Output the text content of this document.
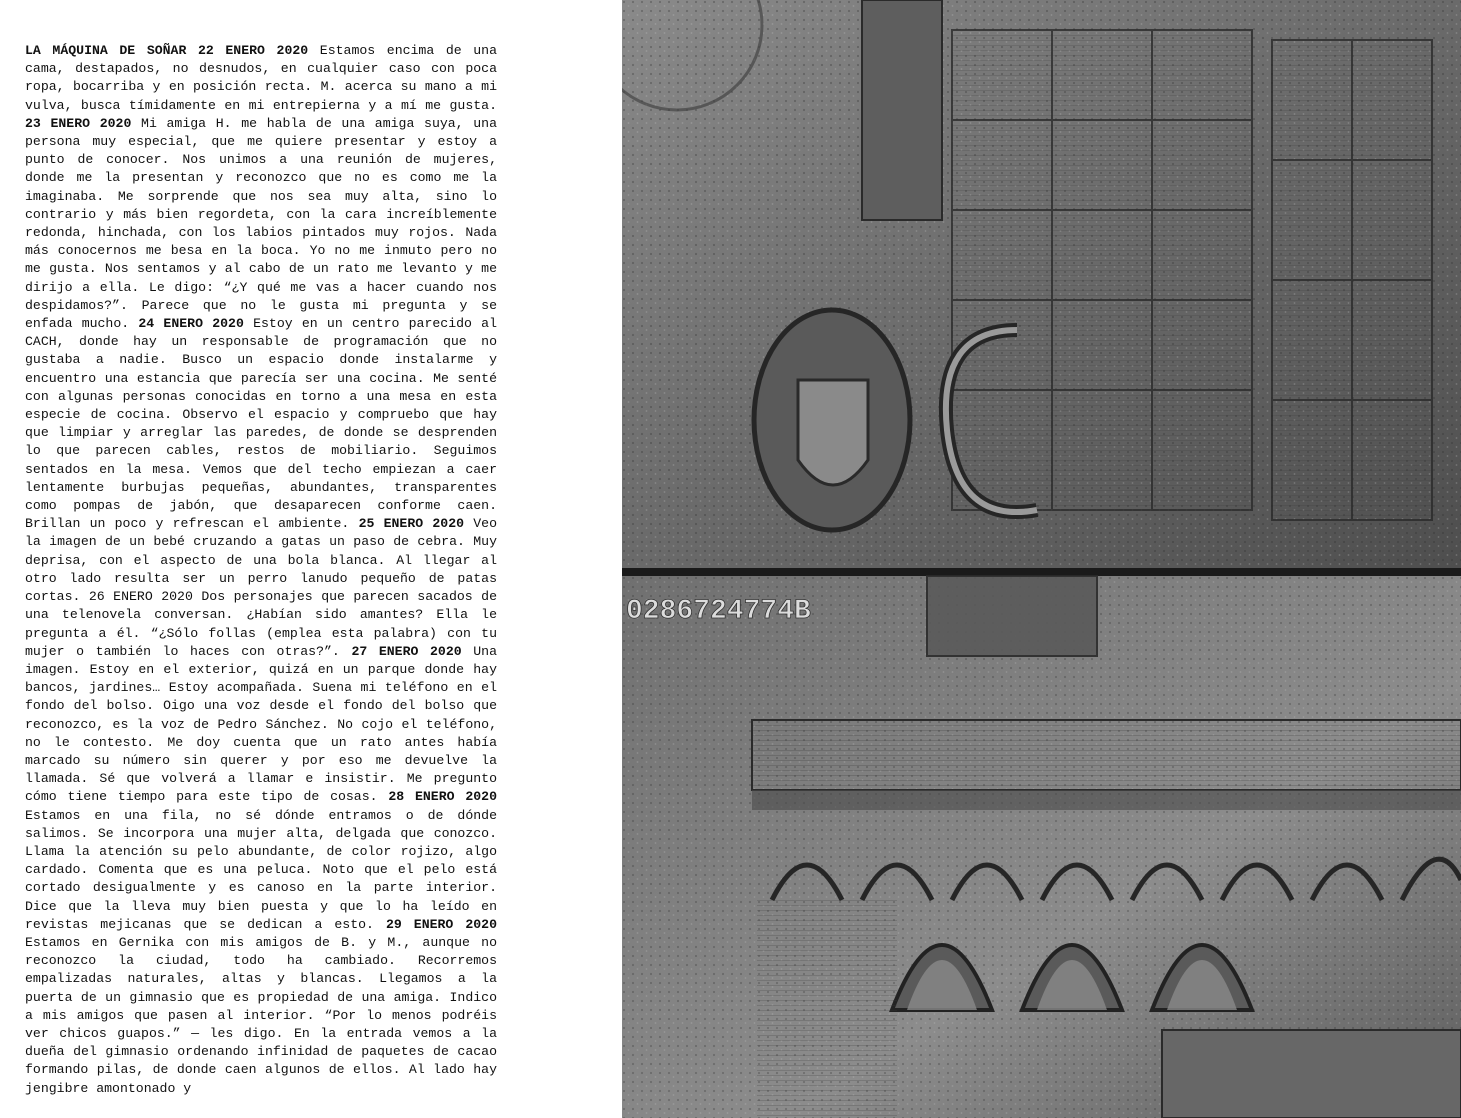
LA MÁQUINA DE SOÑAR 22 ENERO 2020 Estamos encima de una cama, destapados, no desnudos, en cualquier caso con poca ropa, bocarriba y en posición recta. M. acerca su mano a mi vulva, busca tímidamente en mi entrepierna y a mí me gusta. 23 ENERO 2020 Mi amiga H. me habla de una amiga suya, una persona muy especial, que me quiere presentar y estoy a punto de conocer. Nos unimos a una reunión de mujeres, donde me la presentan y reconozco que no es como me la imaginaba. Me sorprende que nos sea muy alta, sino lo contrario y más bien regordeta, con la cara increíblemente redonda, hinchada, con los labios pintados muy rojos. Nada más conocernos me besa en la boca. Yo no me inmuto pero no me gusta. Nos sentamos y al cabo de un rato me levanto y me dirijo a ella. Le digo: “¿Y qué me vas a hacer cuando nos despidamos?”. Parece que no le gusta mi pregunta y se enfada mucho. 24 ENERO 2020 Estoy en un centro parecido al CACH, donde hay un responsable de programación que no gustaba a nadie. Busco un espacio donde instalarme y encuentro una estancia que parecía ser una cocina. Me senté con algunas personas conocidas en torno a una mesa en esta especie de cocina. Observo el espacio y compruebo que hay que limpiar y arreglar las paredes, de donde se desprenden lo que parecen cables, restos de mobiliario. Seguimos sentados en la mesa. Vemos que del techo empiezan a caer lentamente burbujas pequeñas, abundantes, transparentes como pompas de jabón, que desaparecen conforme caen. Brillan un poco y refrescan el ambiente. 25 ENERO 2020 Veo la imagen de un bebé cruzando a gatas un paso de cebra. Muy deprisa, con el aspecto de una bola blanca. Al llegar al otro lado resulta ser un perro lanudo pequeño de patas cortas. 26 ENERO 2020 Dos personajes que parecen sacados de una telenovela conversan. ¿Habían sido amantes? Ella le pregunta a él. “¿Sólo follas (emplea esta palabra) con tu mujer o también lo haces con otras?”. 27 ENERO 2020 Una imagen. Estoy en el exterior, quizá en un parque donde hay bancos, jardines… Estoy acompañada. Suena mi teléfono en el fondo del bolso. Oigo una voz desde el fondo del bolso que reconozco, es la voz de Pedro Sánchez. No cojo el teléfono, no le contesto. Me doy cuenta que un rato antes había marcado su número sin querer y por eso me devuelve la llamada. Sé que volverá a llamar e insistir. Me pregunto cómo tiene tiempo para este tipo de cosas. 28 ENERO 2020 Estamos en una fila, no sé dónde entramos o de dónde salimos. Se incorpora una mujer alta, delgada que conozco. Llama la atención su pelo abundante, de color rojizo, algo cardado. Comenta que es una peluca. Noto que el pelo está cortado desigualmente y es canoso en la parte interior. Dice que la lleva muy bien puesta y que lo ha leído en revistas mejicanas que se dedican a esto. 29 ENERO 2020 Estamos en Gernika con mis amigos de B. y M., aunque no reconozco la ciudad, todo ha cambiado. Recorremos empalizadas naturales, altas y blancas. Llegamos a la puerta de un gimnasio que es propiedad de una amiga. Indico a mis amigos que pasen al interior. “Por lo menos podréis ver chicos guapos.” — les digo. En la entrada vemos a la dueña del gimnasio ordenando infinidad de paquetes de cacao formando pilas, de donde caen algunos de ellos. Al lado hay jengibre amontonado y
0286724774B
